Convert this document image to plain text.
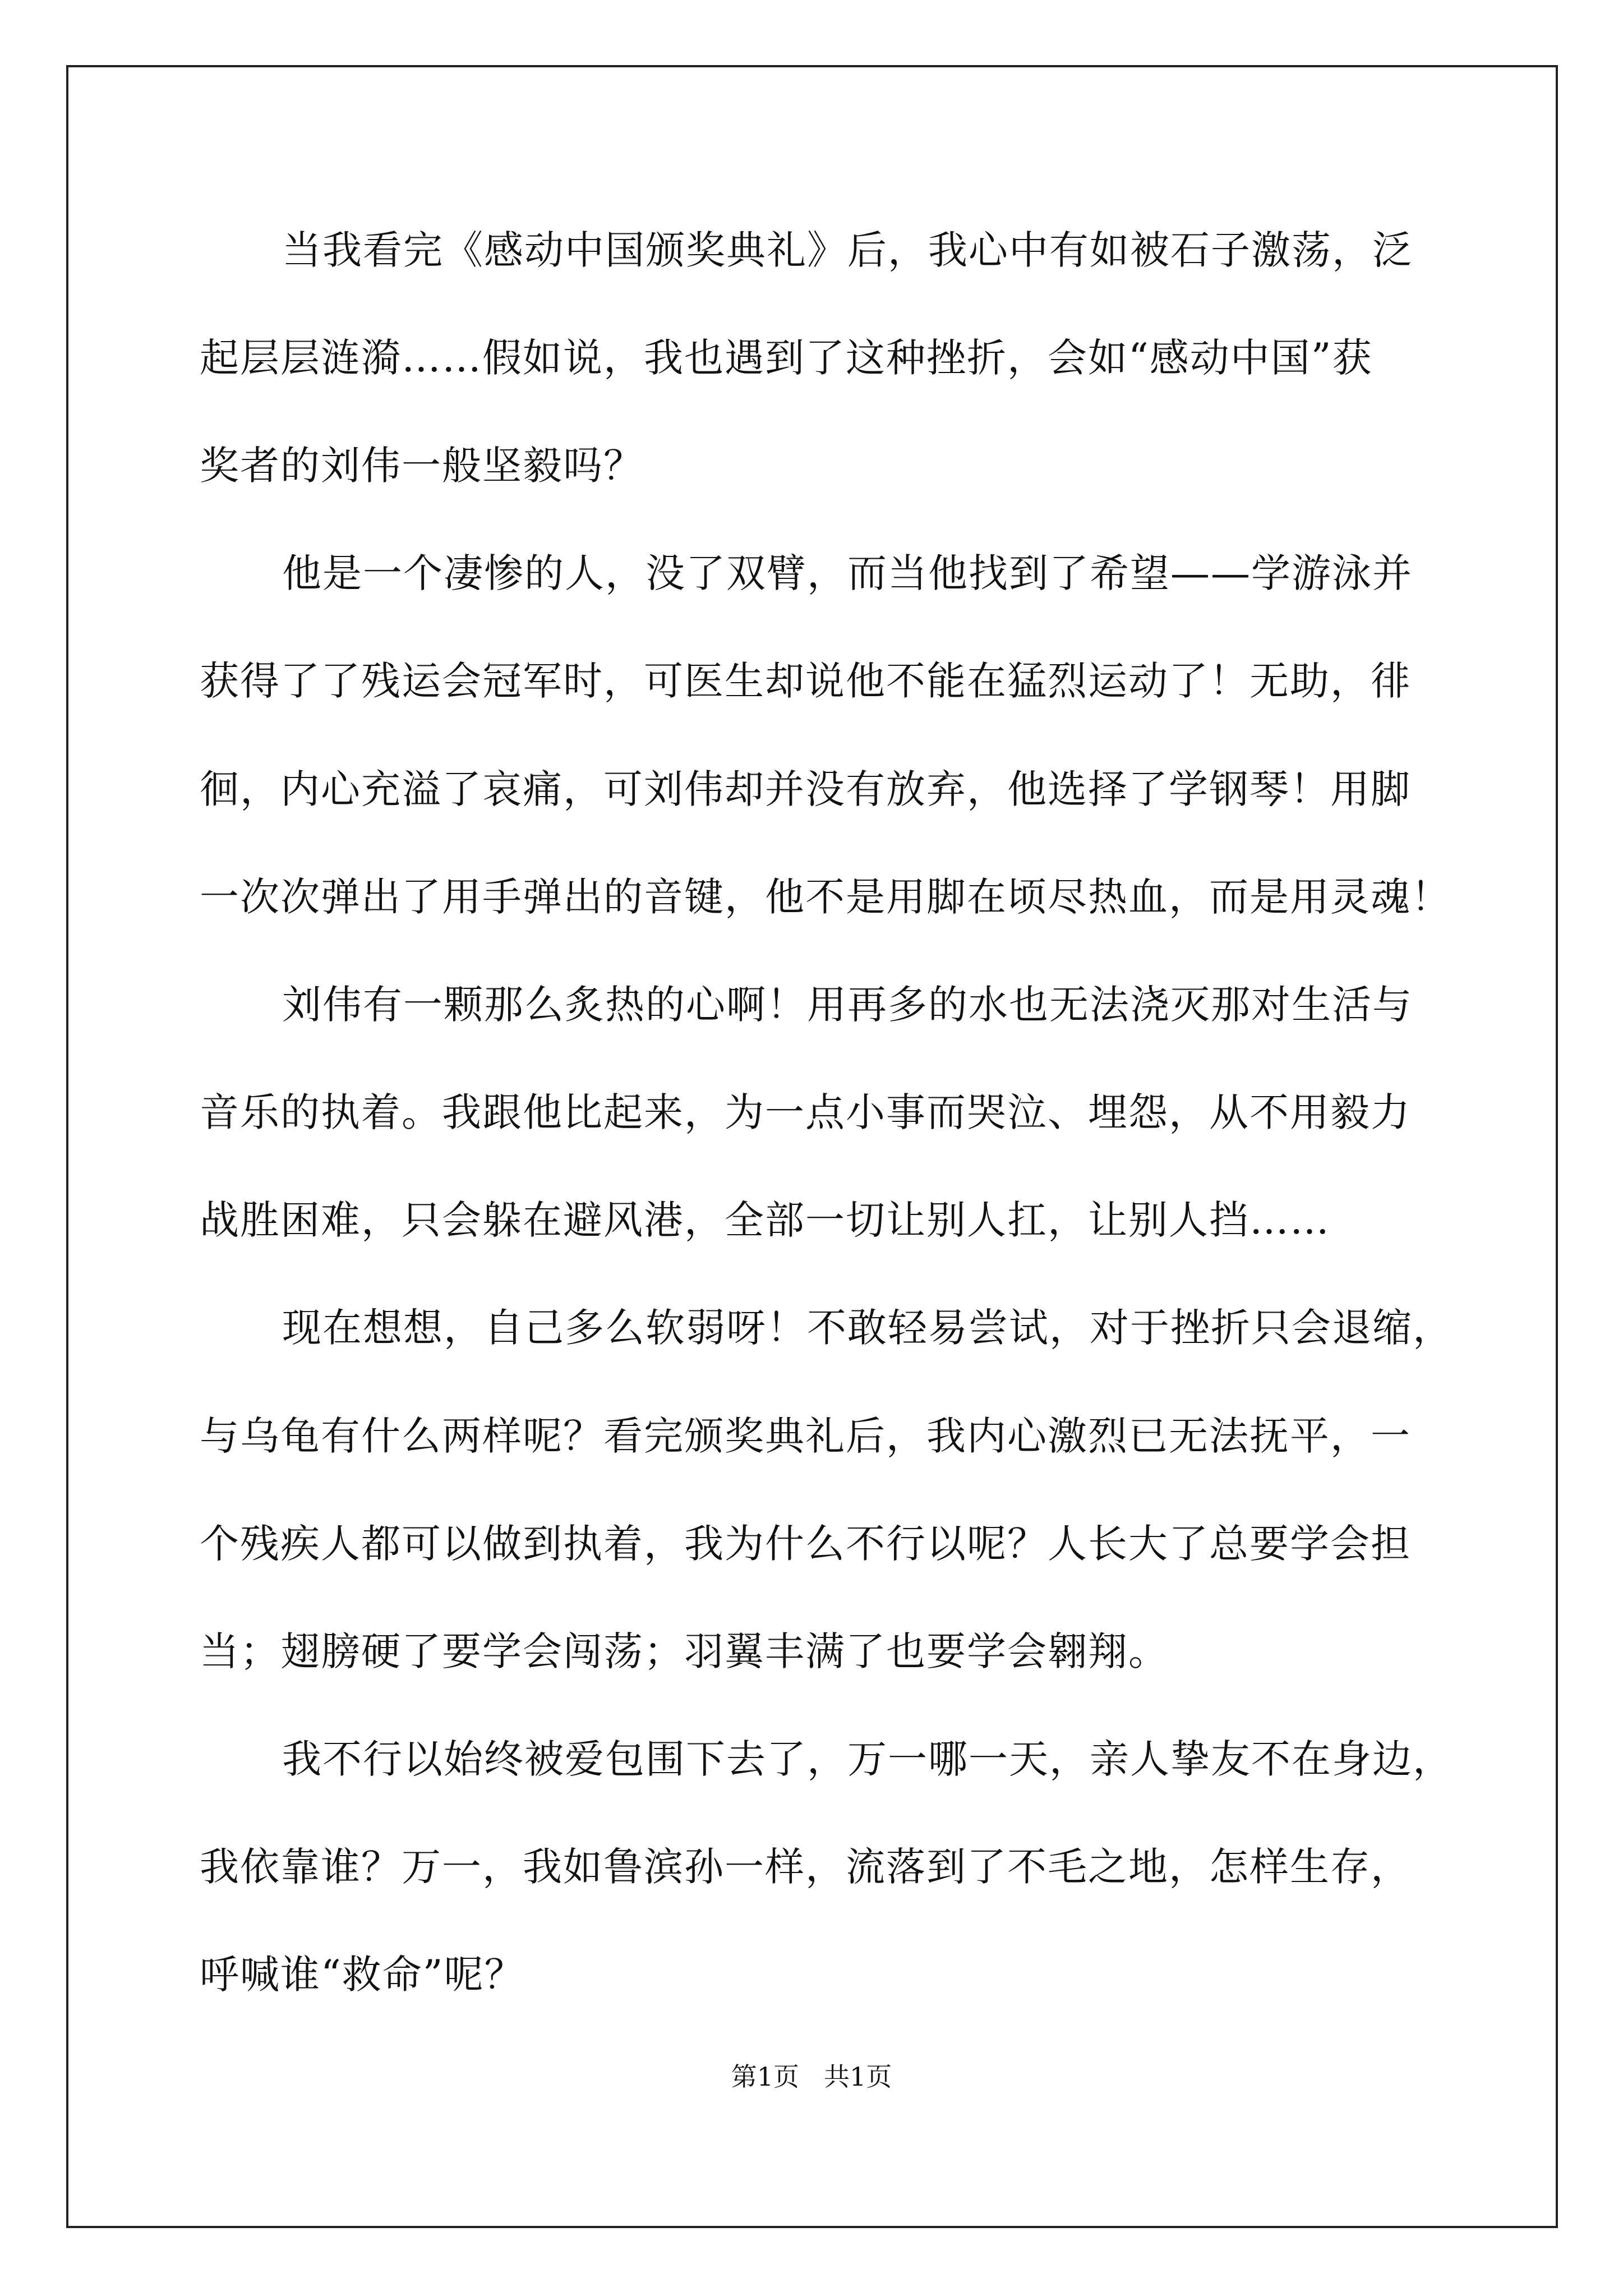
当我看完《感动中国颁奖典礼》后，我心中有如被石子激荡，泛

起层层涟漪……假如说，我也遇到了这种挫折，会如“感动中国”获

奖者的刘伟一般坚毅吗？

他是一个凄惨的人，没了双臂，而当他找到了希望——学游泳并

获得了了残运会冠军时，可医生却说他不能在猛烈运动了！无助，徘

徊，内心充溢了哀痛，可刘伟却并没有放弃，他选择了学钢琴！用脚

一次次弹出了用手弹出的音键，他不是用脚在顷尽热血，而是用灵魂！

刘伟有一颗那么炙热的心啊！用再多的水也无法浇灭那对生活与

音乐的执着。我跟他比起来，为一点小事而哭泣、埋怨，从不用毅力

战胜困难，只会躲在避风港，全部一切让别人扛，让别人挡……

现在想想，自己多么软弱呀！不敢轻易尝试，对于挫折只会退缩，

与乌龟有什么两样呢？看完颁奖典礼后，我内心激烈已无法抚平，一

个残疾人都可以做到执着，我为什么不行以呢？人长大了总要学会担

当；翅膀硬了要学会闯荡；羽翼丰满了也要学会翱翔。

我不行以始终被爱包围下去了，万一哪一天，亲人挚友不在身边，

我依靠谁？万一，我如鲁滨孙一样，流落到了不毛之地，怎样生存，

呼喊谁“救命”呢？

第1页 共1页
